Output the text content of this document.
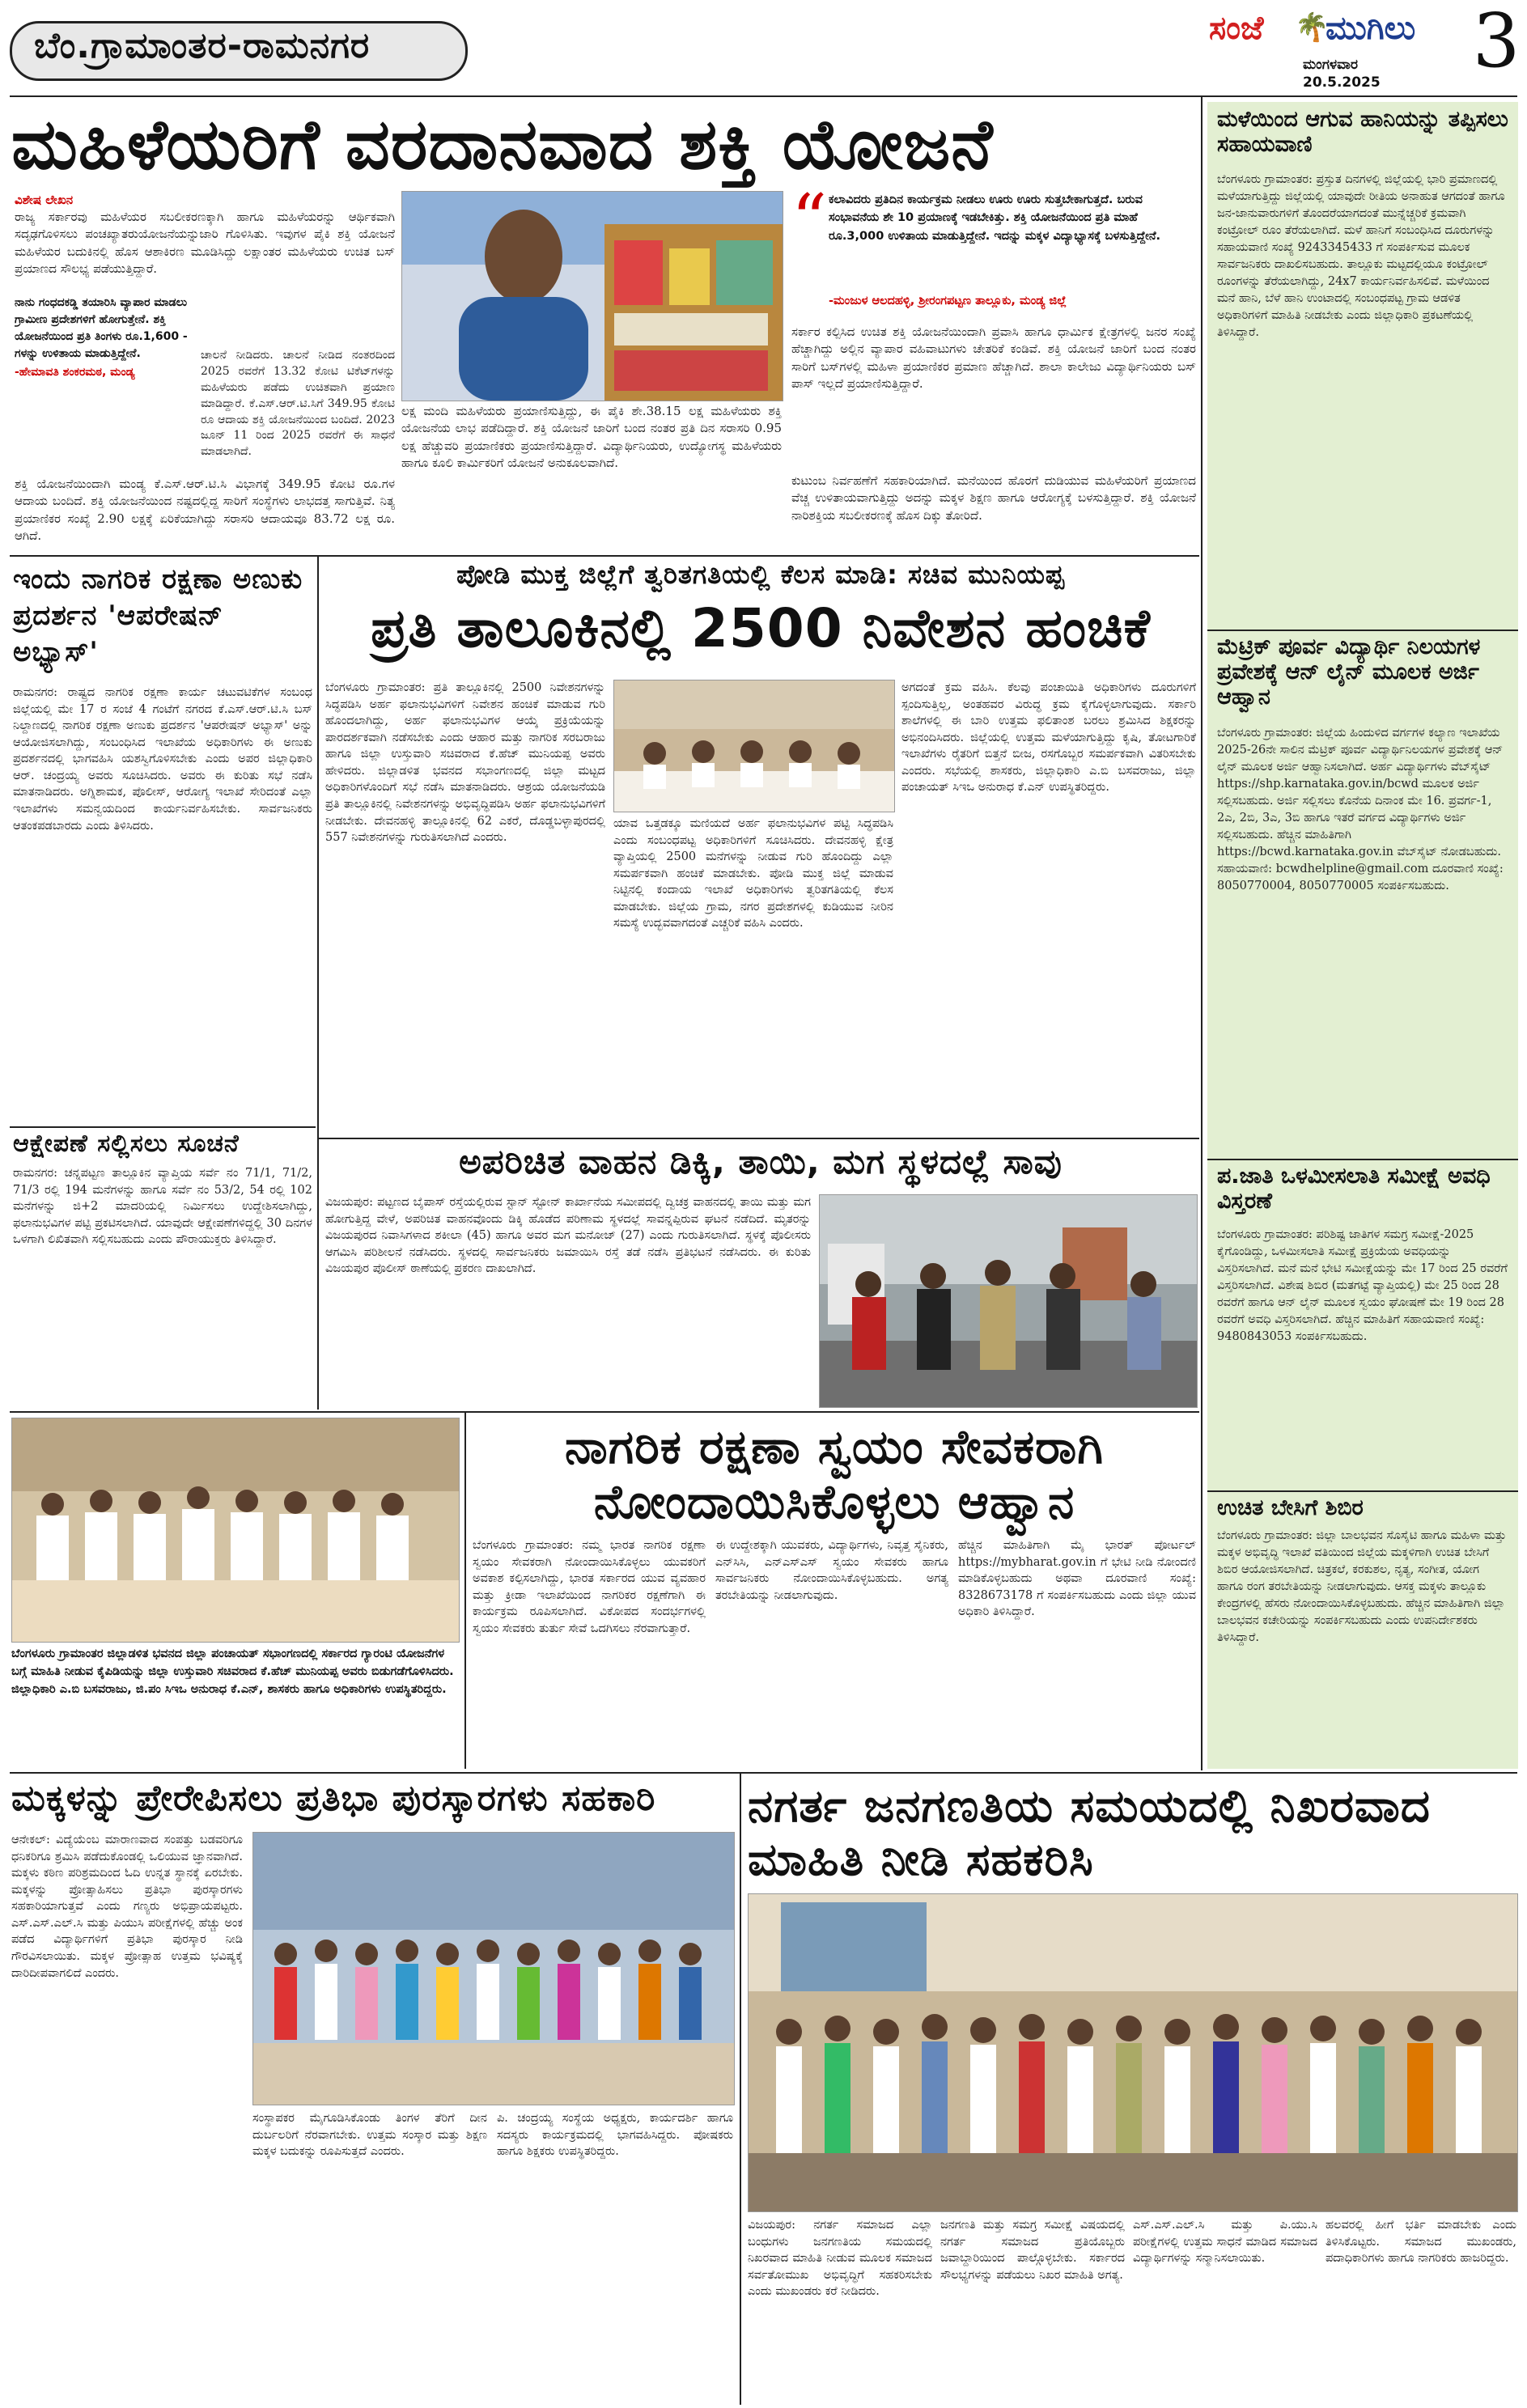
ಬೆಂ.ಗ್ರಾಮಾಂತರ-ರಾಮನಗರ	ಸಂಜೆ 🌴
ಮುಗಿಲು
ಮಂಗಳವಾರ
20.5.2025 3
ಮಳೆಯಿಂದ ಆಗುವ ಹಾನಿಯನ್ನು ತಪ್ಪಿಸಲು ಸಹಾಯವಾಣಿ
ಬೆಂಗಳೂರು ಗ್ರಾಮಾಂತರ: ಪ್ರಸ್ತುತ ದಿನಗಳಲ್ಲಿ ಜಿಲ್ಲೆಯಲ್ಲಿ ಭಾರಿ ಪ್ರಮಾಣದಲ್ಲಿ ಮಳೆಯಾಗುತ್ತಿದ್ದು ಜಿಲ್ಲೆಯಲ್ಲಿ ಯಾವುದೇ ರೀತಿಯ ಅನಾಹುತ ಆಗದಂತೆ ಹಾಗೂ ಜನ-ಜಾನುವಾರುಗಳಿಗೆ ತೊಂದರೆಯಾಗದಂತೆ ಮುನ್ನೆಚ್ಚರಿಕೆ ಕ್ರಮವಾಗಿ ಕಂಟ್ರೋಲ್ ರೂಂ ತೆರೆಯಲಾಗಿದೆ. ಮಳೆ ಹಾನಿಗೆ ಸಂಬಂಧಿಸಿದ ದೂರುಗಳನ್ನು ಸಹಾಯವಾಣಿ ಸಂಖ್ಯೆ 9243345433 ಗೆ ಸಂಪರ್ಕಿಸುವ ಮೂಲಕ ಸಾರ್ವಜನಿಕರು ದಾಖಲಿಸಬಹುದು. ತಾಲ್ಲೂಕು ಮಟ್ಟದಲ್ಲಿಯೂ ಕಂಟ್ರೋಲ್ ರೂಂಗಳನ್ನು ತೆರೆಯಲಾಗಿದ್ದು, 24x7 ಕಾರ್ಯನಿರ್ವಹಿಸಲಿವೆ. ಮಳೆಯಿಂದ ಮನೆ ಹಾನಿ, ಬೆಳೆ ಹಾನಿ ಉಂಟಾದಲ್ಲಿ ಸಂಬಂಧಪಟ್ಟ ಗ್ರಾಮ ಆಡಳಿತ ಅಧಿಕಾರಿಗಳಿಗೆ ಮಾಹಿತಿ ನೀಡಬೇಕು ಎಂದು ಜಿಲ್ಲಾಧಿಕಾರಿ ಪ್ರಕಟಣೆಯಲ್ಲಿ ತಿಳಿಸಿದ್ದಾರೆ.
ಮೆಟ್ರಿಕ್ ಪೂರ್ವ ವಿದ್ಯಾರ್ಥಿ ನಿಲಯಗಳ ಪ್ರವೇಶಕ್ಕೆ ಆನ್ ಲೈನ್ ಮೂಲಕ ಅರ್ಜಿ ಆಹ್ವಾನ
ಬೆಂಗಳೂರು ಗ್ರಾಮಾಂತರ: ಜಿಲ್ಲೆಯ ಹಿಂದುಳಿದ ವರ್ಗಗಳ ಕಲ್ಯಾಣ ಇಲಾಖೆಯ 2025-26ನೇ ಸಾಲಿನ ಮೆಟ್ರಿಕ್ ಪೂರ್ವ ವಿದ್ಯಾರ್ಥಿನಿಲಯಗಳ ಪ್ರವೇಶಕ್ಕೆ ಆನ್ ಲೈನ್ ಮೂಲಕ ಅರ್ಜಿ ಆಹ್ವಾನಿಸಲಾಗಿದೆ. ಅರ್ಹ ವಿದ್ಯಾರ್ಥಿಗಳು ವೆಬ್‌ಸೈಟ್ https://shp.karnataka.gov.in/bcwd ಮೂಲಕ ಅರ್ಜಿ ಸಲ್ಲಿಸಬಹುದು. ಅರ್ಜಿ ಸಲ್ಲಿಸಲು ಕೊನೆಯ ದಿನಾಂಕ ಮೇ 16. ಪ್ರವರ್ಗ-1, 2ಎ, 2ಬಿ, 3ಎ, 3ಬಿ ಹಾಗೂ ಇತರೆ ವರ್ಗದ ವಿದ್ಯಾರ್ಥಿಗಳು ಅರ್ಜಿ ಸಲ್ಲಿಸಬಹುದು. ಹೆಚ್ಚಿನ ಮಾಹಿತಿಗಾಗಿ https://bcwd.karnataka.gov.in ವೆಬ್‌ಸೈಟ್ ನೋಡಬಹುದು. ಸಹಾಯವಾಣಿ: bcwdhelpline@gmail.com ದೂರವಾಣಿ ಸಂಖ್ಯೆ: 8050770004, 8050770005 ಸಂಪರ್ಕಿಸಬಹುದು.
ಪ.ಜಾತಿ ಒಳಮೀಸಲಾತಿ ಸಮೀಕ್ಷೆ ಅವಧಿ ವಿಸ್ತರಣೆ
ಬೆಂಗಳೂರು ಗ್ರಾಮಾಂತರ: ಪರಿಶಿಷ್ಟ ಜಾತಿಗಳ ಸಮಗ್ರ ಸಮೀಕ್ಷೆ-2025 ಕೈಗೊಂಡಿದ್ದು, ಒಳಮೀಸಲಾತಿ ಸಮೀಕ್ಷೆ ಪ್ರಕ್ರಿಯೆಯ ಅವಧಿಯನ್ನು ವಿಸ್ತರಿಸಲಾಗಿದೆ. ಮನೆ ಮನೆ ಭೇಟಿ ಸಮೀಕ್ಷೆಯನ್ನು ಮೇ 17 ರಿಂದ 25 ರವರೆಗೆ ವಿಸ್ತರಿಸಲಾಗಿದೆ. ವಿಶೇಷ ಶಿಬಿರ (ಮತಗಟ್ಟೆ ವ್ಯಾಪ್ತಿಯಲ್ಲಿ) ಮೇ 25 ರಿಂದ 28 ರವರೆಗೆ ಹಾಗೂ ಆನ್ ಲೈನ್ ಮೂಲಕ ಸ್ವಯಂ ಘೋಷಣೆ ಮೇ 19 ರಿಂದ 28 ರವರೆಗೆ ಅವಧಿ ವಿಸ್ತರಿಸಲಾಗಿದೆ. ಹೆಚ್ಚಿನ ಮಾಹಿತಿಗೆ ಸಹಾಯವಾಣಿ ಸಂಖ್ಯೆ: 9480843053 ಸಂಪರ್ಕಿಸಬಹುದು.
ಉಚಿತ ಬೇಸಿಗೆ ಶಿಬಿರ
ಬೆಂಗಳೂರು ಗ್ರಾಮಾಂತರ: ಜಿಲ್ಲಾ ಬಾಲಭವನ ಸೊಸೈಟಿ ಹಾಗೂ ಮಹಿಳಾ ಮತ್ತು ಮಕ್ಕಳ ಅಭಿವೃದ್ಧಿ ಇಲಾಖೆ ವತಿಯಿಂದ ಜಿಲ್ಲೆಯ ಮಕ್ಕಳಿಗಾಗಿ ಉಚಿತ ಬೇಸಿಗೆ ಶಿಬಿರ ಆಯೋಜಿಸಲಾಗಿದೆ. ಚಿತ್ರಕಲೆ, ಕರಕುಶಲ, ನೃತ್ಯ, ಸಂಗೀತ, ಯೋಗ ಹಾಗೂ ರಂಗ ತರಬೇತಿಯನ್ನು ನೀಡಲಾಗುವುದು. ಆಸಕ್ತ ಮಕ್ಕಳು ತಾಲ್ಲೂಕು ಕೇಂದ್ರಗಳಲ್ಲಿ ಹೆಸರು ನೋಂದಾಯಿಸಿಕೊಳ್ಳಬಹುದು. ಹೆಚ್ಚಿನ ಮಾಹಿತಿಗಾಗಿ ಜಿಲ್ಲಾ ಬಾಲಭವನ ಕಚೇರಿಯನ್ನು ಸಂಪರ್ಕಿಸಬಹುದು ಎಂದು ಉಪನಿರ್ದೇಶಕರು ತಿಳಿಸಿದ್ದಾರೆ.
ಮಹಿಳೆಯರಿಗೆ ವರದಾನವಾದ ಶಕ್ತಿ ಯೋಜನೆ
ವಿಶೇಷ ಲೇಖನ
ರಾಜ್ಯ ಸರ್ಕಾರವು ಮಹಿಳೆಯರ ಸಬಲೀಕರಣಕ್ಕಾಗಿ ಹಾಗೂ ಮಹಿಳೆಯರನ್ನು ಆರ್ಥಿಕವಾಗಿ ಸದೃಢಗೊಳಿಸಲು ಪಂಚಖ್ಯಾತರುಯೋಜನೆಯನ್ನುಜಾರಿ ಗೊಳಿಸಿತು. ಇವುಗಳ ಪೈಕಿ ಶಕ್ತಿ ಯೋಜನೆ ಮಹಿಳೆಯರ ಬದುಕಿನಲ್ಲಿ ಹೊಸ ಆಶಾಕಿರಣ ಮೂಡಿಸಿದ್ದು ಲಕ್ಷಾಂತರ ಮಹಿಳೆಯರು ಉಚಿತ ಬಸ್ ಪ್ರಯಾಣದ ಸೌಲಭ್ಯ ಪಡೆಯುತ್ತಿದ್ದಾರೆ.
ನಾನು ಗಂಧದಕಡ್ಡಿ ತಯಾರಿಸಿ ವ್ಯಾಪಾರ ಮಾಡಲು ಗ್ರಾಮೀಣ ಪ್ರದೇಶಗಳಿಗೆ ಹೋಗುತ್ತೇನೆ. ಶಕ್ತಿ ಯೋಜನೆಯಿಂದ ಪ್ರತಿ ತಿಂಗಳು ರೂ.1,600 - ಗಳನ್ನು ಉಳಿತಾಯ ಮಾಡುತ್ತಿದ್ದೇನೆ.
-ಹೇಮಾವತಿ ಶಂಕರಮಠ, ಮಂಡ್ಯ
ಶಕ್ತಿ ಯೋಜನೆಯಿಂದಾಗಿ ಮಂಡ್ಯ ಕೆ.ಎಸ್.ಆರ್.ಟಿ.ಸಿ ವಿಭಾಗಕ್ಕೆ 349.95 ಕೋಟಿ ರೂ.ಗಳ ಆದಾಯ ಬಂದಿದೆ. ಶಕ್ತಿ ಯೋಜನೆಯಿಂದ ನಷ್ಟದಲ್ಲಿದ್ದ ಸಾರಿಗೆ ಸಂಸ್ಥೆಗಳು ಲಾಭದತ್ತ ಸಾಗುತ್ತಿವೆ. ನಿತ್ಯ ಪ್ರಯಾಣಿಕರ ಸಂಖ್ಯೆ 2.90 ಲಕ್ಷಕ್ಕೆ ಏರಿಕೆಯಾಗಿದ್ದು ಸರಾಸರಿ ಆದಾಯವೂ 83.72 ಲಕ್ಷ ರೂ. ಆಗಿದೆ.
ಚಾಲನೆ ನೀಡಿದರು. ಚಾಲನೆ ನೀಡಿದ ನಂತರದಿಂದ 2025 ರವರೆಗೆ 13.32 ಕೋಟಿ ಟಿಕೆಟ್‌ಗಳನ್ನು ಮಹಿಳೆಯರು ಪಡೆದು ಉಚಿತವಾಗಿ ಪ್ರಯಾಣ ಮಾಡಿದ್ದಾರೆ. ಕೆ.ಎಸ್.ಆರ್.ಟಿ.ಸಿಗೆ 349.95 ಕೋಟಿ ರೂ ಆದಾಯ ಶಕ್ತಿ ಯೋಜನೆಯಿಂದ ಬಂದಿದೆ. 2023 ಜೂನ್ 11 ರಿಂದ 2025 ರವರೆಗೆ ಈ ಸಾಧನೆ ಮಾಡಲಾಗಿದೆ.
ಲಕ್ಷ ಮಂದಿ ಮಹಿಳೆಯರು ಪ್ರಯಾಣಿಸುತ್ತಿದ್ದು, ಈ ಪೈಕಿ ಶೇ.38.15 ಲಕ್ಷ ಮಹಿಳೆಯರು ಶಕ್ತಿ ಯೋಜನೆಯ ಲಾಭ ಪಡೆದಿದ್ದಾರೆ. ಶಕ್ತಿ ಯೋಜನೆ ಜಾರಿಗೆ ಬಂದ ನಂತರ ಪ್ರತಿ ದಿನ ಸರಾಸರಿ 0.95 ಲಕ್ಷ ಹೆಚ್ಚುವರಿ ಪ್ರಯಾಣಿಕರು ಪ್ರಯಾಣಿಸುತ್ತಿದ್ದಾರೆ. ವಿದ್ಯಾರ್ಥಿನಿಯರು, ಉದ್ಯೋಗಸ್ಥ ಮಹಿಳೆಯರು ಹಾಗೂ ಕೂಲಿ ಕಾರ್ಮಿಕರಿಗೆ ಯೋಜನೆ ಅನುಕೂಲವಾಗಿದೆ.
“ ಕಲಾವಿದರು ಪ್ರತಿದಿನ ಕಾರ್ಯಕ್ರಮ ನೀಡಲು ಊರು ಊರು ಸುತ್ತಬೇಕಾಗುತ್ತದೆ. ಬರುವ ಸಂಭಾವನೆಯ ಶೇ 10 ಪ್ರಯಾಣಕ್ಕೆ ಇಡಬೇಕಿತ್ತು. ಶಕ್ತಿ ಯೋಜನೆಯಿಂದ ಪ್ರತಿ ಮಾಹೆ ರೂ.3,000 ಉಳಿತಾಯ ಮಾಡುತ್ತಿದ್ದೇನೆ. ಇದನ್ನು ಮಕ್ಕಳ ವಿದ್ಯಾಭ್ಯಾಸಕ್ಕೆ ಬಳಸುತ್ತಿದ್ದೇನೆ.
-ಮಂಜುಳ ಆಲದಹಳ್ಳಿ, ಶ್ರೀರಂಗಪಟ್ಟಣ ತಾಲ್ಲೂಕು, ಮಂಡ್ಯ ಜಿಲ್ಲೆ
ಸರ್ಕಾರ ಕಲ್ಪಿಸಿದ ಉಚಿತ ಶಕ್ತಿ ಯೋಜನೆಯಿಂದಾಗಿ ಪ್ರವಾಸಿ ಹಾಗೂ ಧಾರ್ಮಿಕ ಕ್ಷೇತ್ರಗಳಲ್ಲಿ ಜನರ ಸಂಖ್ಯೆ ಹೆಚ್ಚಾಗಿದ್ದು ಅಲ್ಲಿನ ವ್ಯಾಪಾರ ವಹಿವಾಟುಗಳು ಚೇತರಿಕೆ ಕಂಡಿವೆ. ಶಕ್ತಿ ಯೋಜನೆ ಜಾರಿಗೆ ಬಂದ ನಂತರ ಸಾರಿಗೆ ಬಸ್‌ಗಳಲ್ಲಿ ಮಹಿಳಾ ಪ್ರಯಾಣಿಕರ ಪ್ರಮಾಣ ಹೆಚ್ಚಾಗಿದೆ. ಶಾಲಾ ಕಾಲೇಜು ವಿದ್ಯಾರ್ಥಿನಿಯರು ಬಸ್ ಪಾಸ್ ಇಲ್ಲದೆ ಪ್ರಯಾಣಿಸುತ್ತಿದ್ದಾರೆ.
ಕುಟುಂಬ ನಿರ್ವಹಣೆಗೆ ಸಹಕಾರಿಯಾಗಿದೆ. ಮನೆಯಿಂದ ಹೊರಗೆ ದುಡಿಯುವ ಮಹಿಳೆಯರಿಗೆ ಪ್ರಯಾಣದ ವೆಚ್ಚ ಉಳಿತಾಯವಾಗುತ್ತಿದ್ದು ಅದನ್ನು ಮಕ್ಕಳ ಶಿಕ್ಷಣ ಹಾಗೂ ಆರೋಗ್ಯಕ್ಕೆ ಬಳಸುತ್ತಿದ್ದಾರೆ. ಶಕ್ತಿ ಯೋಜನೆ ನಾರಿಶಕ್ತಿಯ ಸಬಲೀಕರಣಕ್ಕೆ ಹೊಸ ದಿಕ್ಕು ತೋರಿದೆ.
ಇಂದು ನಾಗರಿಕ ರಕ್ಷಣಾ ಅಣುಕು ಪ್ರದರ್ಶನ 'ಆಪರೇಷನ್ ಅಭ್ಯಾಸ್'
ರಾಮನಗರ: ರಾಷ್ಟ್ರದ ನಾಗರಿಕ ರಕ್ಷಣಾ ಕಾರ್ಯ ಚಟುವಟಿಕೆಗಳ ಸಂಬಂಧ ಜಿಲ್ಲೆಯಲ್ಲಿ ಮೇ 17 ರ ಸಂಜೆ 4 ಗಂಟೆಗೆ ನಗರದ ಕೆ.ಎಸ್.ಆರ್.ಟಿ.ಸಿ ಬಸ್ ನಿಲ್ದಾಣದಲ್ಲಿ ನಾಗರಿಕ ರಕ್ಷಣಾ ಅಣುಕು ಪ್ರದರ್ಶನ 'ಆಪರೇಷನ್ ಅಭ್ಯಾಸ್' ಅನ್ನು ಆಯೋಜಿಸಲಾಗಿದ್ದು, ಸಂಬಂಧಿಸಿದ ಇಲಾಖೆಯ ಅಧಿಕಾರಿಗಳು ಈ ಅಣುಕು ಪ್ರದರ್ಶನದಲ್ಲಿ ಭಾಗವಹಿಸಿ ಯಶಸ್ವಿಗೊಳಿಸಬೇಕು ಎಂದು ಅಪರ ಜಿಲ್ಲಾಧಿಕಾರಿ ಆರ್. ಚಂದ್ರಯ್ಯ ಅವರು ಸೂಚಿಸಿದರು. ಅವರು ಈ ಕುರಿತು ಸಭೆ ನಡೆಸಿ ಮಾತನಾಡಿದರು. ಅಗ್ನಿಶಾಮಕ, ಪೊಲೀಸ್, ಆರೋಗ್ಯ ಇಲಾಖೆ ಸೇರಿದಂತೆ ಎಲ್ಲಾ ಇಲಾಖೆಗಳು ಸಮನ್ವಯದಿಂದ ಕಾರ್ಯನಿರ್ವಹಿಸಬೇಕು. ಸಾರ್ವಜನಿಕರು ಆತಂಕಪಡಬಾರದು ಎಂದು ತಿಳಿಸಿದರು.
ಆಕ್ಷೇಪಣೆ ಸಲ್ಲಿಸಲು ಸೂಚನೆ
ರಾಮನಗರ: ಚನ್ನಪಟ್ಟಣ ತಾಲ್ಲೂಕಿನ ವ್ಯಾಪ್ತಿಯ ಸರ್ವೆ ನಂ 71/1, 71/2, 71/3 ರಲ್ಲಿ 194 ಮನೆಗಳನ್ನು ಹಾಗೂ ಸರ್ವೆ ನಂ 53/2, 54 ರಲ್ಲಿ 102 ಮನೆಗಳನ್ನು ಜಿ+2 ಮಾದರಿಯಲ್ಲಿ ನಿರ್ಮಿಸಲು ಉದ್ದೇಶಿಸಲಾಗಿದ್ದು, ಫಲಾನುಭವಿಗಳ ಪಟ್ಟಿ ಪ್ರಕಟಿಸಲಾಗಿದೆ. ಯಾವುದೇ ಆಕ್ಷೇಪಣೆಗಳಿದ್ದಲ್ಲಿ 30 ದಿನಗಳ ಒಳಗಾಗಿ ಲಿಖಿತವಾಗಿ ಸಲ್ಲಿಸಬಹುದು ಎಂದು ಪೌರಾಯುಕ್ತರು ತಿಳಿಸಿದ್ದಾರೆ.
ಪೋಡಿ ಮುಕ್ತ ಜಿಲ್ಲೆಗೆ ತ್ವರಿತಗತಿಯಲ್ಲಿ ಕೆಲಸ ಮಾಡಿ: ಸಚಿವ ಮುನಿಯಪ್ಪ
ಪ್ರತಿ ತಾಲೂಕಿನಲ್ಲಿ 2500 ನಿವೇಶನ ಹಂಚಿಕೆ
ಬೆಂಗಳೂರು ಗ್ರಾಮಾಂತರ: ಪ್ರತಿ ತಾಲ್ಲೂಕಿನಲ್ಲಿ 2500 ನಿವೇಶನಗಳನ್ನು ಸಿದ್ಧಪಡಿಸಿ ಅರ್ಹ ಫಲಾನುಭವಿಗಳಿಗೆ ನಿವೇಶನ ಹಂಚಿಕೆ ಮಾಡುವ ಗುರಿ ಹೊಂದಲಾಗಿದ್ದು, ಅರ್ಹ ಫಲಾನುಭವಿಗಳ ಆಯ್ಕೆ ಪ್ರಕ್ರಿಯೆಯನ್ನು ಪಾರದರ್ಶಕವಾಗಿ ನಡೆಸಬೇಕು ಎಂದು ಆಹಾರ ಮತ್ತು ನಾಗರಿಕ ಸರಬರಾಜು ಹಾಗೂ ಜಿಲ್ಲಾ ಉಸ್ತುವಾರಿ ಸಚಿವರಾದ ಕೆ.ಹೆಚ್ ಮುನಿಯಪ್ಪ ಅವರು ಹೇಳಿದರು. ಜಿಲ್ಲಾಡಳಿತ ಭವನದ ಸಭಾಂಗಣದಲ್ಲಿ ಜಿಲ್ಲಾ ಮಟ್ಟದ ಅಧಿಕಾರಿಗಳೊಂದಿಗೆ ಸಭೆ ನಡೆಸಿ ಮಾತನಾಡಿದರು. ಆಶ್ರಯ ಯೋಜನೆಯಡಿ ಪ್ರತಿ ತಾಲ್ಲೂಕಿನಲ್ಲಿ ನಿವೇಶನಗಳನ್ನು ಅಭಿವೃದ್ಧಿಪಡಿಸಿ ಅರ್ಹ ಫಲಾನುಭವಿಗಳಿಗೆ ನೀಡಬೇಕು. ದೇವನಹಳ್ಳಿ ತಾಲ್ಲೂಕಿನಲ್ಲಿ 62 ಎಕರೆ, ದೊಡ್ಡಬಳ್ಳಾಪುರದಲ್ಲಿ 557 ನಿವೇಶನಗಳನ್ನು ಗುರುತಿಸಲಾಗಿದೆ ಎಂದರು.
ಯಾವ ಒತ್ತಡಕ್ಕೂ ಮಣಿಯದೆ ಅರ್ಹ ಫಲಾನುಭವಿಗಳ ಪಟ್ಟಿ ಸಿದ್ಧಪಡಿಸಿ ಎಂದು ಸಂಬಂಧಪಟ್ಟ ಅಧಿಕಾರಿಗಳಿಗೆ ಸೂಚಿಸಿದರು. ದೇವನಹಳ್ಳಿ ಕ್ಷೇತ್ರ ವ್ಯಾಪ್ತಿಯಲ್ಲಿ 2500 ಮನೆಗಳನ್ನು ನೀಡುವ ಗುರಿ ಹೊಂದಿದ್ದು ಎಲ್ಲಾ ಸಮರ್ಪಕವಾಗಿ ಹಂಚಿಕೆ ಮಾಡಬೇಕು. ಪೋಡಿ ಮುಕ್ತ ಜಿಲ್ಲೆ ಮಾಡುವ ನಿಟ್ಟಿನಲ್ಲಿ ಕಂದಾಯ ಇಲಾಖೆ ಅಧಿಕಾರಿಗಳು ತ್ವರಿತಗತಿಯಲ್ಲಿ ಕೆಲಸ ಮಾಡಬೇಕು. ಜಿಲ್ಲೆಯ ಗ್ರಾಮ, ನಗರ ಪ್ರದೇಶಗಳಲ್ಲಿ ಕುಡಿಯುವ ನೀರಿನ ಸಮಸ್ಯೆ ಉದ್ಭವವಾಗದಂತೆ ಎಚ್ಚರಿಕೆ ವಹಿಸಿ ಎಂದರು.
ಅಗದಂತೆ ಕ್ರಮ ವಹಿಸಿ. ಕೆಲವು ಪಂಚಾಯಿತಿ ಅಧಿಕಾರಿಗಳು ದೂರುಗಳಿಗೆ ಸ್ಪಂದಿಸುತ್ತಿಲ್ಲ, ಅಂತಹವರ ವಿರುದ್ಧ ಕ್ರಮ ಕೈಗೊಳ್ಳಲಾಗುವುದು. ಸರ್ಕಾರಿ ಶಾಲೆಗಳಲ್ಲಿ ಈ ಬಾರಿ ಉತ್ತಮ ಫಲಿತಾಂಶ ಬರಲು ಶ್ರಮಿಸಿದ ಶಿಕ್ಷಕರನ್ನು ಅಭಿನಂದಿಸಿದರು. ಜಿಲ್ಲೆಯಲ್ಲಿ ಉತ್ತಮ ಮಳೆಯಾಗುತ್ತಿದ್ದು ಕೃಷಿ, ತೋಟಗಾರಿಕೆ ಇಲಾಖೆಗಳು ರೈತರಿಗೆ ಬಿತ್ತನೆ ಬೀಜ, ರಸಗೊಬ್ಬರ ಸಮರ್ಪಕವಾಗಿ ವಿತರಿಸಬೇಕು ಎಂದರು. ಸಭೆಯಲ್ಲಿ ಶಾಸಕರು, ಜಿಲ್ಲಾಧಿಕಾರಿ ಎ.ಬಿ ಬಸವರಾಜು, ಜಿಲ್ಲಾ ಪಂಚಾಯತ್ ಸಿಇಒ ಅನುರಾಧ ಕೆ.ಎನ್ ಉಪಸ್ಥಿತರಿದ್ದರು.
ಅಪರಿಚಿತ ವಾಹನ ಡಿಕ್ಕಿ, ತಾಯಿ, ಮಗ ಸ್ಥಳದಲ್ಲೆ ಸಾವು
ವಿಜಯಪುರ: ಪಟ್ಟಣದ ಬೈಪಾಸ್ ರಸ್ತೆಯಲ್ಲಿರುವ ಸ್ಟಾನ್ ಸ್ಟೋನ್ ಕಾರ್ಖಾನೆಯ ಸಮೀಪದಲ್ಲಿ ದ್ವಿಚಕ್ರ ವಾಹನದಲ್ಲಿ ತಾಯಿ ಮತ್ತು ಮಗ ಹೋಗುತ್ತಿದ್ದ ವೇಳೆ, ಅಪರಿಚಿತ ವಾಹನವೊಂದು ಡಿಕ್ಕಿ ಹೊಡೆದ ಪರಿಣಾಮ ಸ್ಥಳದಲ್ಲೆ ಸಾವನ್ನಪ್ಪಿರುವ ಘಟನೆ ನಡೆದಿದೆ. ಮೃತರನ್ನು ವಿಜಯಪುರದ ನಿವಾಸಿಗಳಾದ ಶಕೀಲಾ (45) ಹಾಗೂ ಅವರ ಮಗ ಮನೋಜ್ (27) ಎಂದು ಗುರುತಿಸಲಾಗಿದೆ. ಸ್ಥಳಕ್ಕೆ ಪೊಲೀಸರು ಆಗಮಿಸಿ ಪರಿಶೀಲನೆ ನಡೆಸಿದರು. ಸ್ಥಳದಲ್ಲಿ ಸಾರ್ವಜನಿಕರು ಜಮಾಯಿಸಿ ರಸ್ತೆ ತಡೆ ನಡೆಸಿ ಪ್ರತಿಭಟನೆ ನಡೆಸಿದರು. ಈ ಕುರಿತು ವಿಜಯಪುರ ಪೊಲೀಸ್ ಠಾಣೆಯಲ್ಲಿ ಪ್ರಕರಣ ದಾಖಲಾಗಿದೆ.
ಬೆಂಗಳೂರು ಗ್ರಾಮಾಂತರ ಜಿಲ್ಲಾಡಳಿತ ಭವನದ ಜಿಲ್ಲಾ ಪಂಚಾಯತ್ ಸಭಾಂಗಣದಲ್ಲಿ ಸರ್ಕಾರದ ಗ್ಯಾರಂಟಿ ಯೋಜನೆಗಳ ಬಗ್ಗೆ ಮಾಹಿತಿ ನೀಡುವ ಕೈಪಿಡಿಯನ್ನು ಜಿಲ್ಲಾ ಉಸ್ತುವಾರಿ ಸಚಿವರಾದ ಕೆ.ಹೆಚ್ ಮುನಿಯಪ್ಪ ಅವರು ಬಿಡುಗಡೆಗೊಳಿಸಿದರು. ಜಿಲ್ಲಾಧಿಕಾರಿ ಎ.ಬಿ ಬಸವರಾಜು, ಜಿ.ಪಂ ಸಿಇಒ ಅನುರಾಧ ಕೆ.ಎನ್, ಶಾಸಕರು ಹಾಗೂ ಅಧಿಕಾರಿಗಳು ಉಪಸ್ಥಿತರಿದ್ದರು.
ನಾಗರಿಕ ರಕ್ಷಣಾ ಸ್ವಯಂ ಸೇವಕರಾಗಿ ನೋಂದಾಯಿಸಿಕೊಳ್ಳಲು ಆಹ್ವಾನ
ಬೆಂಗಳೂರು ಗ್ರಾಮಾಂತರ: ನಮ್ಮ ಭಾರತ ನಾಗರಿಕ ರಕ್ಷಣಾ ಸ್ವಯಂ ಸೇವಕರಾಗಿ ನೋಂದಾಯಿಸಿಕೊಳ್ಳಲು ಯುವಕರಿಗೆ ಅವಕಾಶ ಕಲ್ಪಿಸಲಾಗಿದ್ದು, ಭಾರತ ಸರ್ಕಾರದ ಯುವ ವ್ಯವಹಾರ ಮತ್ತು ಕ್ರೀಡಾ ಇಲಾಖೆಯಿಂದ ನಾಗರಿಕರ ರಕ್ಷಣೆಗಾಗಿ ಈ ಕಾರ್ಯಕ್ರಮ ರೂಪಿಸಲಾಗಿದೆ. ವಿಕೋಪದ ಸಂದರ್ಭಗಳಲ್ಲಿ ಸ್ವಯಂ ಸೇವಕರು ತುರ್ತು ಸೇವೆ ಒದಗಿಸಲು ನೆರವಾಗುತ್ತಾರೆ.
ಈ ಉದ್ದೇಶಕ್ಕಾಗಿ ಯುವಕರು, ವಿದ್ಯಾರ್ಥಿಗಳು, ನಿವೃತ್ತ ಸೈನಿಕರು, ಎನ್‌ಸಿಸಿ, ಎನ್‌ಎಸ್‌ಎಸ್ ಸ್ವಯಂ ಸೇವಕರು ಹಾಗೂ ಸಾರ್ವಜನಿಕರು ನೋಂದಾಯಿಸಿಕೊಳ್ಳಬಹುದು. ಅಗತ್ಯ ತರಬೇತಿಯನ್ನು ನೀಡಲಾಗುವುದು.
ಹೆಚ್ಚಿನ ಮಾಹಿತಿಗಾಗಿ ಮೈ ಭಾರತ್ ಪೋರ್ಟಲ್ https://mybharat.gov.in ಗೆ ಭೇಟಿ ನೀಡಿ ನೋಂದಣಿ ಮಾಡಿಕೊಳ್ಳಬಹುದು ಅಥವಾ ದೂರವಾಣಿ ಸಂಖ್ಯೆ: 8328673178 ಗೆ ಸಂಪರ್ಕಿಸಬಹುದು ಎಂದು ಜಿಲ್ಲಾ ಯುವ ಅಧಿಕಾರಿ ತಿಳಿಸಿದ್ದಾರೆ.
ಮಕ್ಕಳನ್ನು ಪ್ರೇರೇಪಿಸಲು ಪ್ರತಿಭಾ ಪುರಸ್ಕಾರಗಳು ಸಹಕಾರಿ
ಆನೇಕಲ್: ವಿದ್ಯೆಯೆಂಬ ಮಾರಾಣವಾದ ಸಂಪತ್ತು ಬಡವರಿಗೂ ಧನಿಕರಿಗೂ ಶ್ರಮಿಸಿ ಪಡೆದುಕೊಂಡಲ್ಲಿ ಒಲಿಯುವ ಜ್ಞಾನವಾಗಿದೆ. ಮಕ್ಕಳು ಕಠಿಣ ಪರಿಶ್ರಮದಿಂದ ಓದಿ ಉನ್ನತ ಸ್ಥಾನಕ್ಕೆ ಏರಬೇಕು. ಮಕ್ಕಳನ್ನು ಪ್ರೋತ್ಸಾಹಿಸಲು ಪ್ರತಿಭಾ ಪುರಸ್ಕಾರಗಳು ಸಹಕಾರಿಯಾಗುತ್ತವೆ ಎಂದು ಗಣ್ಯರು ಅಭಿಪ್ರಾಯಪಟ್ಟರು. ಎಸ್.ಎಸ್.ಎಲ್.ಸಿ ಮತ್ತು ಪಿಯುಸಿ ಪರೀಕ್ಷೆಗಳಲ್ಲಿ ಹೆಚ್ಚು ಅಂಕ ಪಡೆದ ವಿದ್ಯಾರ್ಥಿಗಳಿಗೆ ಪ್ರತಿಭಾ ಪುರಸ್ಕಾರ ನೀಡಿ ಗೌರವಿಸಲಾಯಿತು. ಮಕ್ಕಳ ಪ್ರೋತ್ಸಾಹ ಉತ್ತಮ ಭವಿಷ್ಯಕ್ಕೆ ದಾರಿದೀಪವಾಗಲಿದೆ ಎಂದರು.
ಸಂಸ್ಥಾಪಕರ ಮೈಗೂಡಿಸಿಕೊಂಡು ತಿಂಗಳ ತೆರಿಗೆ ದೀನ ದುರ್ಬಲರಿಗೆ ನೆರವಾಗಬೇಕು. ಉತ್ತಮ ಸಂಸ್ಕಾರ ಮತ್ತು ಶಿಕ್ಷಣ ಮಕ್ಕಳ ಬದುಕನ್ನು ರೂಪಿಸುತ್ತದೆ ಎಂದರು.
ಪಿ. ಚಂದ್ರಯ್ಯ ಸಂಸ್ಥೆಯ ಅಧ್ಯಕ್ಷರು, ಕಾರ್ಯದರ್ಶಿ ಹಾಗೂ ಸದಸ್ಯರು ಕಾರ್ಯಕ್ರಮದಲ್ಲಿ ಭಾಗವಹಿಸಿದ್ದರು. ಪೋಷಕರು ಹಾಗೂ ಶಿಕ್ಷಕರು ಉಪಸ್ಥಿತರಿದ್ದರು.
ನಗರ್ತ ಜನಗಣತಿಯ ಸಮಯದಲ್ಲಿ ನಿಖರವಾದ ಮಾಹಿತಿ ನೀಡಿ ಸಹಕರಿಸಿ
ವಿಜಯಪುರ: ನಗರ್ತ ಸಮಾಜದ ಎಲ್ಲಾ ಬಂಧುಗಳು ಜನಗಣತಿಯ ಸಮಯದಲ್ಲಿ ನಿಖರವಾದ ಮಾಹಿತಿ ನೀಡುವ ಮೂಲಕ ಸಮಾಜದ ಸರ್ವತೋಮುಖ ಅಭಿವೃದ್ಧಿಗೆ ಸಹಕರಿಸಬೇಕು ಎಂದು ಮುಖಂಡರು ಕರೆ ನೀಡಿದರು.
ಜನಗಣತಿ ಮತ್ತು ಸಮಗ್ರ ಸಮೀಕ್ಷೆ ವಿಷಯದಲ್ಲಿ ನಗರ್ತ ಸಮಾಜದ ಪ್ರತಿಯೊಬ್ಬರು ಜವಾಬ್ದಾರಿಯಿಂದ ಪಾಲ್ಗೊಳ್ಳಬೇಕು. ಸರ್ಕಾರದ ಸೌಲಭ್ಯಗಳನ್ನು ಪಡೆಯಲು ನಿಖರ ಮಾಹಿತಿ ಅಗತ್ಯ.
ಎಸ್.ಎಸ್.ಎಲ್.ಸಿ ಮತ್ತು ಪಿ.ಯು.ಸಿ ಪರೀಕ್ಷೆಗಳಲ್ಲಿ ಉತ್ತಮ ಸಾಧನೆ ಮಾಡಿದ ಸಮಾಜದ ವಿದ್ಯಾರ್ಥಿಗಳನ್ನು ಸನ್ಮಾನಿಸಲಾಯಿತು.
ಹಲವರಲ್ಲಿ ಹೀಗೆ ಭರ್ತಿ ಮಾಡಬೇಕು ಎಂದು ತಿಳಿಸಿಕೊಟ್ಟರು. ಸಮಾಜದ ಮುಖಂಡರು, ಪದಾಧಿಕಾರಿಗಳು ಹಾಗೂ ನಾಗರಿಕರು ಹಾಜರಿದ್ದರು.
